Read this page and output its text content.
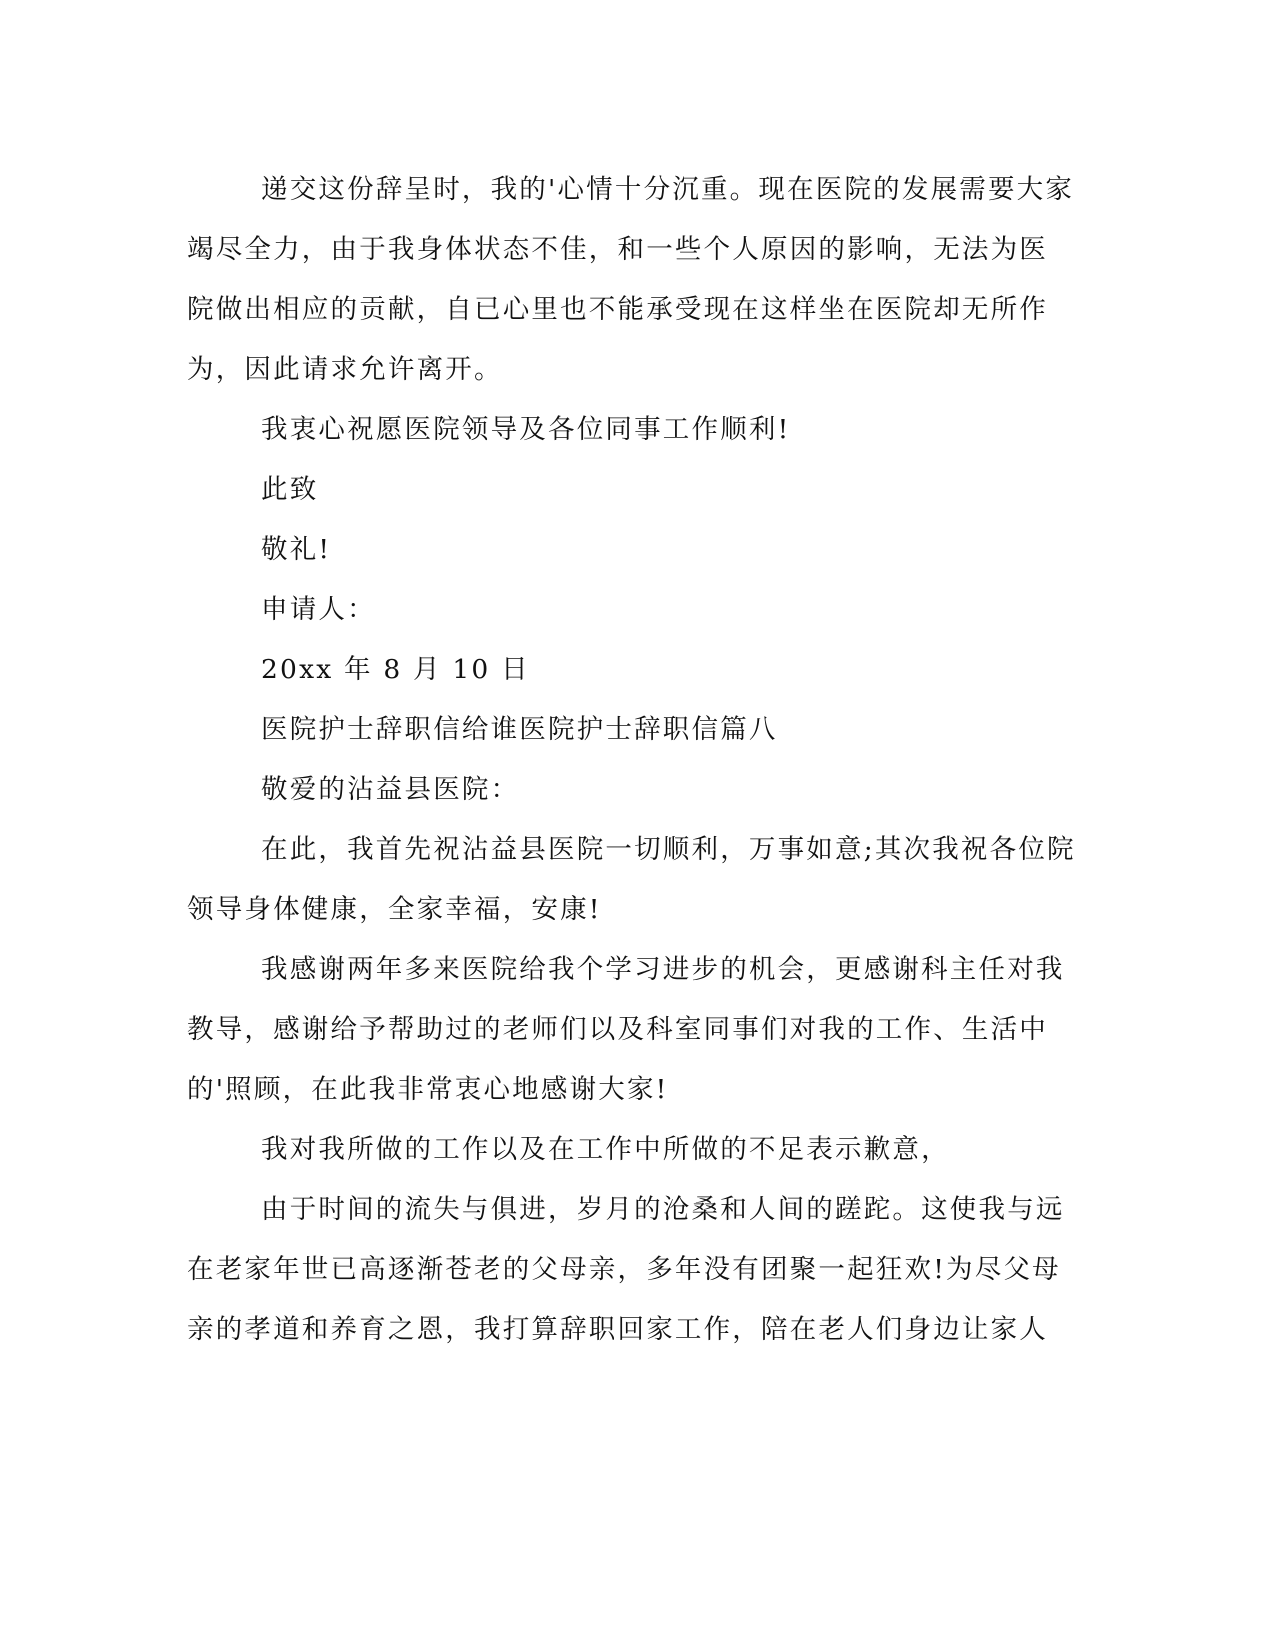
递交这份辞呈时，我的'心情十分沉重。现在医院的发展需要大家
竭尽全力，由于我身体状态不佳，和一些个人原因的影响，无法为医
院做出相应的贡献，自已心里也不能承受现在这样坐在医院却无所作
为，因此请求允许离开。
我衷心祝愿医院领导及各位同事工作顺利!
此致
敬礼!
申请人：
20xx 年 8 月 10 日
医院护士辞职信给谁医院护士辞职信篇八
敬爱的沾益县医院：
在此，我首先祝沾益县医院一切顺利，万事如意;其次我祝各位院
领导身体健康，全家幸福，安康!
我感谢两年多来医院给我个学习进步的机会，更感谢科主任对我
教导，感谢给予帮助过的老师们以及科室同事们对我的工作、生活中
的'照顾，在此我非常衷心地感谢大家!
我对我所做的工作以及在工作中所做的不足表示歉意，
由于时间的流失与俱进，岁月的沧桑和人间的蹉跎。这使我与远
在老家年世已高逐渐苍老的父母亲，多年没有团聚一起狂欢!为尽父母
亲的孝道和养育之恩，我打算辞职回家工作，陪在老人们身边让家人
